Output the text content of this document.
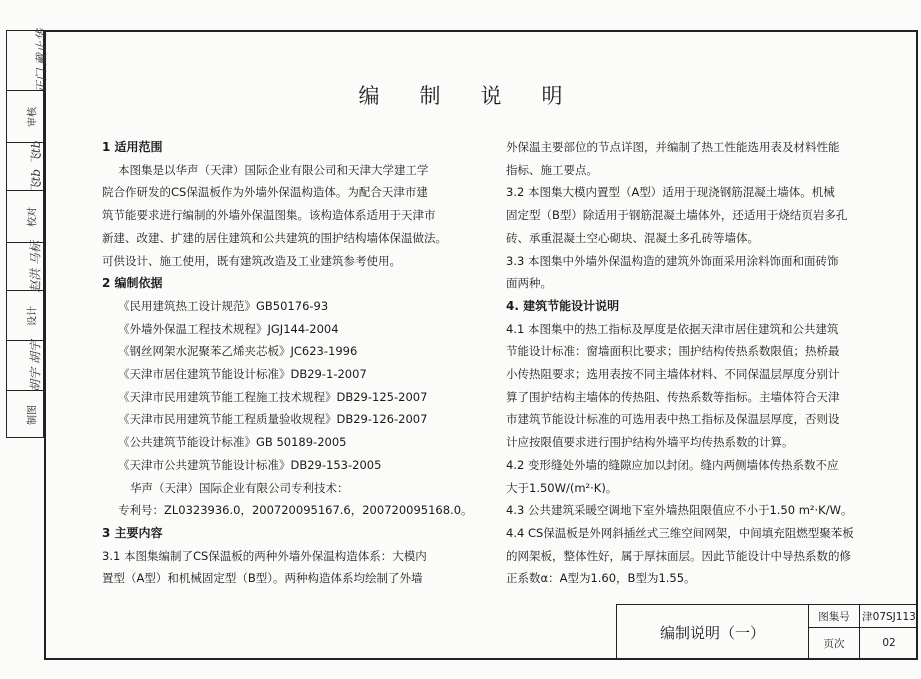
正门 戴止华
审核
飞tb 飞tb
校对
赵洪 马标
设计
胡宇 胡宇
制图
编制说明

1 适用范围

本图集是以华声（天津）国际企业有限公司和天津大学建工学

院合作研发的CS保温板作为外墙外保温构造体。为配合天津市建

筑节能要求进行编制的外墙外保温图集。该构造体系适用于天津市

新建、改建、扩建的居住建筑和公共建筑的围护结构墙体保温做法。

可供设计、施工使用，既有建筑改造及工业建筑参考使用。

2 编制依据

《民用建筑热工设计规范》GB50176-93

《外墙外保温工程技术规程》JGJ144-2004

《钢丝网架水泥聚苯乙烯夹芯板》JC623-1996

《天津市居住建筑节能设计标准》DB29-1-2007

《天津市民用建筑节能工程施工技术规程》DB29-125-2007

《天津市民用建筑节能工程质量验收规程》DB29-126-2007

《公共建筑节能设计标准》GB 50189-2005

《天津市公共建筑节能设计标准》DB29-153-2005

华声（天津）国际企业有限公司专利技术：

专利号：ZL0323936.0，200720095167.6，200720095168.0。

3 主要内容

3.1 本图集编制了CS保温板的两种外墙外保温构造体系：大模内

置型（A型）和机械固定型（B型）。两种构造体系均绘制了外墙

外保温主要部位的节点详图，并编制了热工性能选用表及材料性能

指标、施工要点。

3.2 本图集大模内置型（A型）适用于现浇钢筋混凝土墙体。机械

固定型（B型）除适用于钢筋混凝土墙体外，还适用于烧结页岩多孔

砖、承重混凝土空心砌块、混凝土多孔砖等墙体。

3.3 本图集中外墙外保温构造的建筑外饰面采用涂料饰面和面砖饰

面两种。

4. 建筑节能设计说明

4.1 本图集中的热工指标及厚度是依据天津市居住建筑和公共建筑

节能设计标准：窗墙面积比要求；围护结构传热系数限值；热桥最

小传热阻要求；选用表按不同主墙体材料、不同保温层厚度分别计

算了围护结构主墙体的传热阻、传热系数等指标。主墙体符合天津

市建筑节能设计标准的可选用表中热工指标及保温层厚度，否则设

计应按限值要求进行围护结构外墙平均传热系数的计算。

4.2 变形缝处外墙的缝隙应加以封闭。缝内两侧墙体传热系数不应

大于1.50W/(m²·K)。

4.3 公共建筑采暖空调地下室外墙热阻限值应不小于1.50 m²·K/W。

4.4 CS保温板是外网斜插丝式三维空间网架，中间填充阻燃型聚苯板

的网架板，整体性好，属于厚抹面层。因此节能设计中导热系数的修

正系数α：A型为1.60，B型为1.55。

编制说明（一）
图集号	津07SJ113
页次	02
